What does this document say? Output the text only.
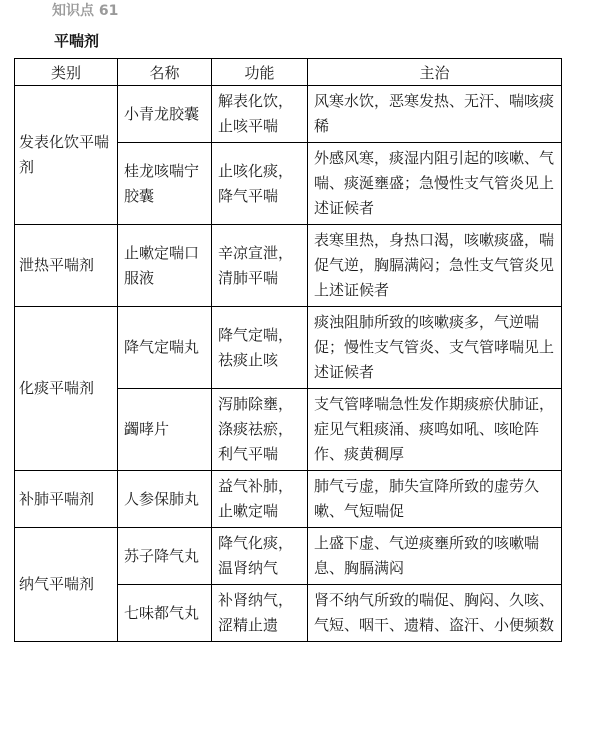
知识点 61
平喘剂
类别	名称	功能	主治
发表化饮平喘剂	小青龙胶囊	解表化饮，止咳平喘	风寒水饮，恶寒发热、无汗、喘咳痰稀
	桂龙咳喘宁胶囊	止咳化痰，降气平喘	外感风寒，痰湿内阻引起的咳嗽、气喘、痰涎壅盛；急慢性支气管炎见上述证候者
泄热平喘剂	止嗽定喘口服液	辛凉宣泄，清肺平喘	表寒里热，身热口渴，咳嗽痰盛，喘促气逆，胸膈满闷；急性支气管炎见上述证候者
化痰平喘剂	降气定喘丸	降气定喘，祛痰止咳	痰浊阻肺所致的咳嗽痰多，气逆喘促；慢性支气管炎、支气管哮喘见上述证候者
	蠲哮片	泻肺除壅，涤痰祛瘀，利气平喘	支气管哮喘急性发作期痰瘀伏肺证，症见气粗痰涌、痰鸣如吼、咳呛阵作、痰黄稠厚
补肺平喘剂	人参保肺丸	益气补肺，止嗽定喘	肺气亏虚，肺失宣降所致的虚劳久嗽、气短喘促
纳气平喘剂	苏子降气丸	降气化痰，温肾纳气	上盛下虚、气逆痰壅所致的咳嗽喘息、胸膈满闷
	七味都气丸	补肾纳气，涩精止遗	肾不纳气所致的喘促、胸闷、久咳、气短、咽干、遗精、盗汗、小便频数
